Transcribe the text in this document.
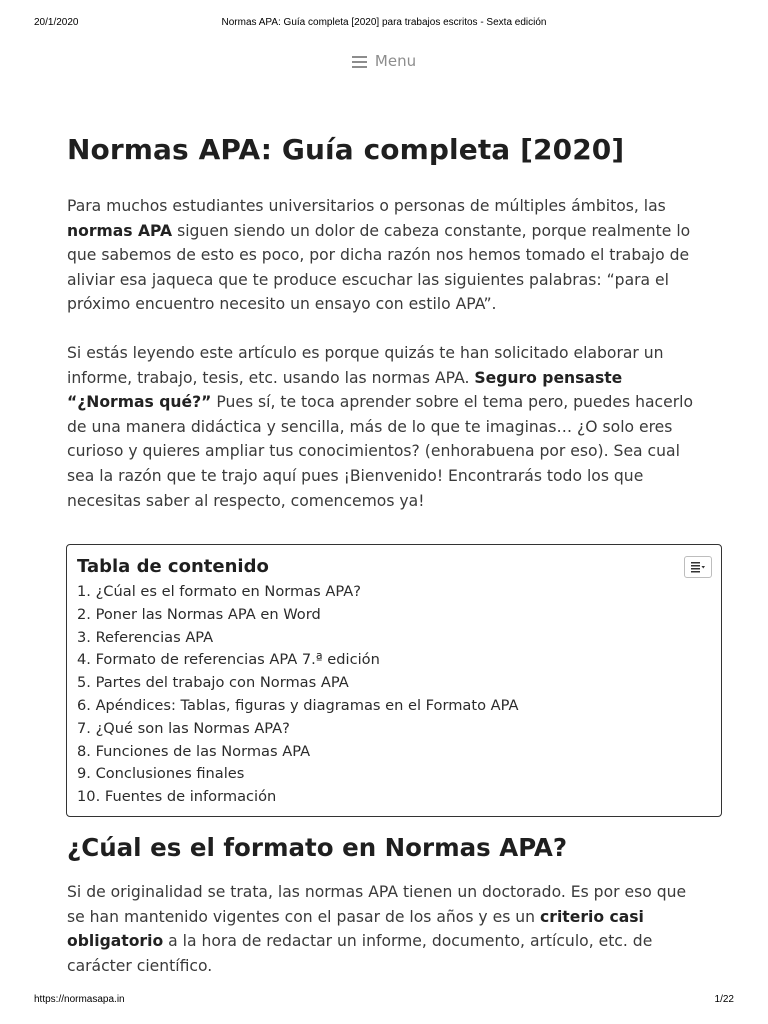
20/1/2020	Normas APA: Guía completa [2020] para trabajos escritos - Sexta edición
Menu
Normas APA: Guía completa [2020]

Para muchos estudiantes universitarios o personas de múltiples ámbitos, las normas APA siguen siendo un dolor de cabeza constante, porque realmente lo que sabemos de esto es poco, por dicha razón nos hemos tomado el trabajo de aliviar esa jaqueca que te produce escuchar las siguientes palabras: “para el próximo encuentro necesito un ensayo con estilo APA”.

Si estás leyendo este artículo es porque quizás te han solicitado elaborar un informe, trabajo, tesis, etc. usando las normas APA. Seguro pensaste “¿Normas qué?” Pues sí, te toca aprender sobre el tema pero, puedes hacerlo de una manera didáctica y sencilla, más de lo que te imaginas… ¿O solo eres curioso y quieres ampliar tus conocimientos? (enhorabuena por eso). Sea cual sea la razón que te trajo aquí pues ¡Bienvenido! Encontrarás todo los que necesitas saber al respecto, comencemos ya!

Tabla de contenido
1. ¿Cúal es el formato en Normas APA?
2. Poner las Normas APA en Word
3. Referencias APA
4. Formato de referencias APA 7.ª edición
5. Partes del trabajo con Normas APA
6. Apéndices: Tablas, figuras y diagramas en el Formato APA
7. ¿Qué son las Normas APA?
8. Funciones de las Normas APA
9. Conclusiones finales
10. Fuentes de información
¿Cúal es el formato en Normas APA?

Si de originalidad se trata, las normas APA tienen un doctorado. Es por eso que se han mantenido vigentes con el pasar de los años y es un criterio casi obligatorio a la hora de redactar un informe, documento, artículo, etc. de carácter científico.

https://normasapa.in	1/22
